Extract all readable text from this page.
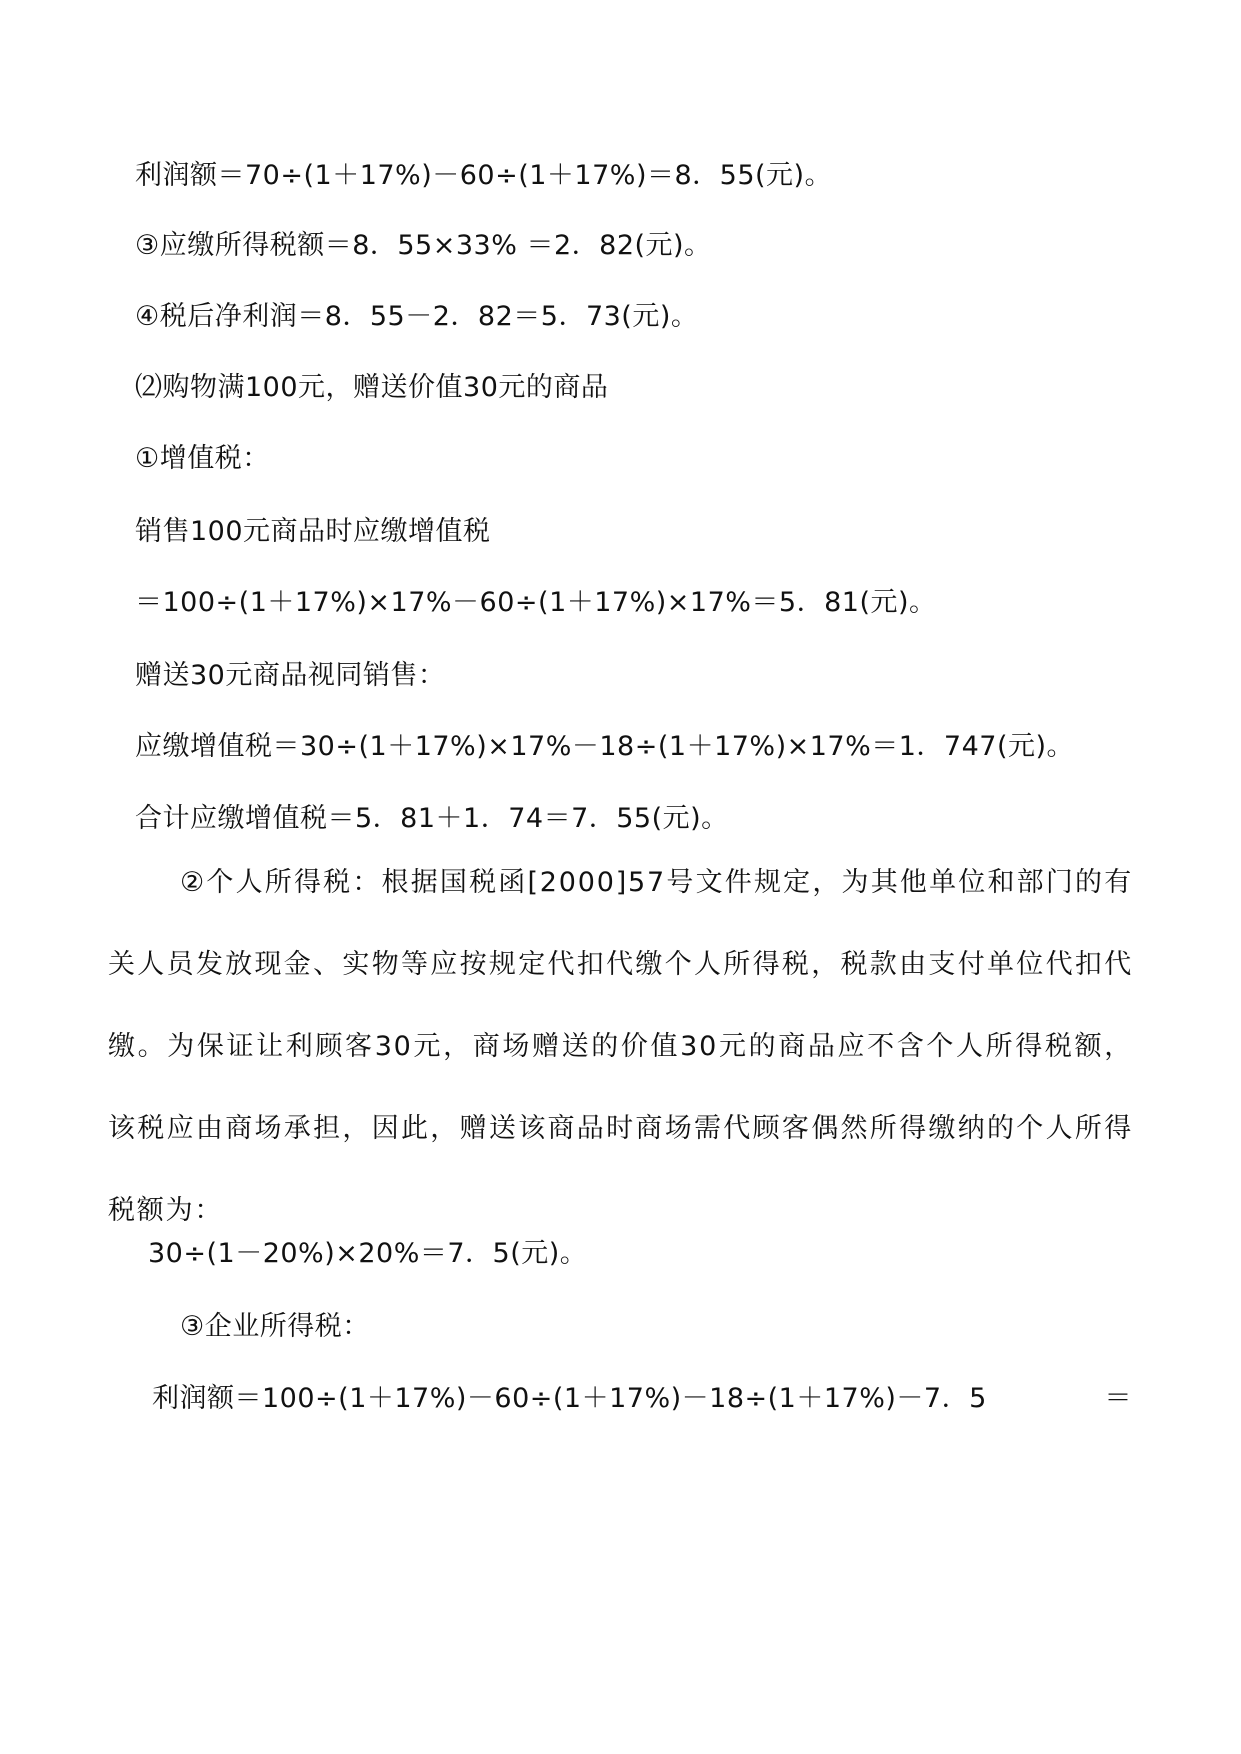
利润额＝70÷(1＋17%)－60÷(1＋17%)＝8．55(元)。
③应缴所得税额＝8．55×33% ＝2．82(元)。
④税后净利润＝8．55－2．82＝5．73(元)。
⑵购物满100元，赠送价值30元的商品
①增值税：
销售100元商品时应缴增值税
＝100÷(1＋17%)×17%－60÷(1＋17%)×17%＝5．81(元)。
赠送30元商品视同销售：
应缴增值税＝30÷(1＋17%)×17%－18÷(1＋17%)×17%＝1．747(元)。
合计应缴增值税＝5．81＋1．74＝7．55(元)。
②个人所得税：根据国税函[2000]57号文件规定，为其他单位和部门的有关人员发放现金、实物等应按规定代扣代缴个人所得税，税款由支付单位代扣代缴。为保证让利顾客30元，商场赠送的价值30元的商品应不含个人所得税额，该税应由商场承担，因此，赠送该商品时商场需代顾客偶然所得缴纳的个人所得税额为：
30÷(1－20%)×20%＝7．5(元)。
③企业所得税：
利润额＝100÷(1＋17%)－60÷(1＋17%)－18÷(1＋17%)－7．5	＝
